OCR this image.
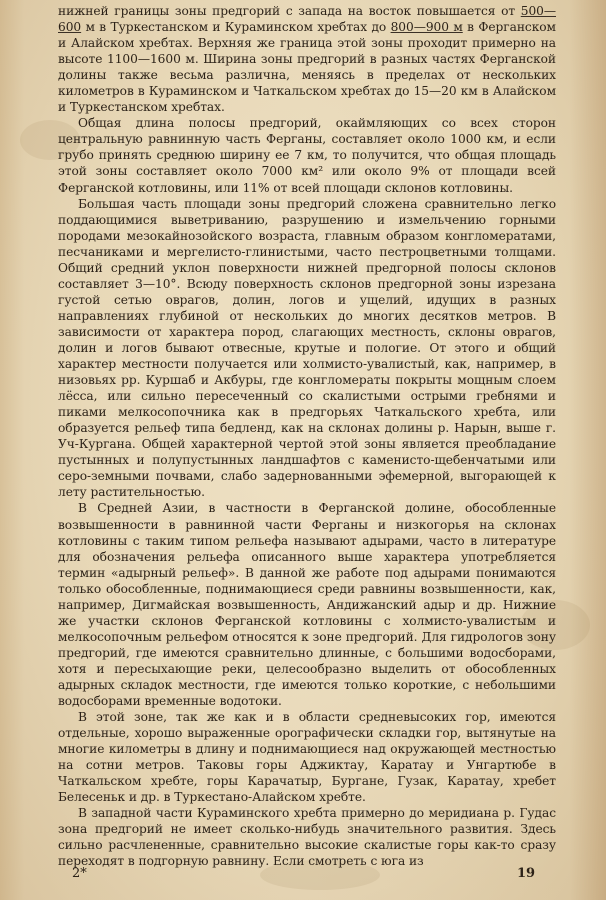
нижней границы зоны предгорий с запада на восток повышается от 500—600 м в Туркестанском и Кураминском хребтах до 800—900 м в Ферганском и Алайском хребтах. Верхняя же граница этой зоны проходит примерно на высоте 1100—1600 м. Ширина зоны предгорий в разных частях Ферганской долины также весьма различна, меняясь в пределах от нескольких километров в Кураминском и Чаткальском хребтах до 15—20 км в Алайском и Туркестанском хребтах.

Общая длина полосы предгорий, окаймляющих со всех сторон центральную равнинную часть Ферганы, составляет около 1000 км, и если грубо принять среднюю ширину ее 7 км, то получится, что общая площадь этой зоны составляет около 7000 км² или около 9% от площади всей Ферганской котловины, или 11% от всей площади склонов котловины.

Большая часть площади зоны предгорий сложена сравнительно легко поддающимися выветриванию, разрушению и измельчению горными породами мезокайнозойского возраста, главным образом конгломератами, песчаниками и мергелисто-глинистыми, часто пестроцветными толщами. Общий средний уклон поверхности нижней предгорной полосы склонов составляет 3—10°. Всюду поверхность склонов предгорной зоны изрезана густой сетью оврагов, долин, логов и ущелий, идущих в разных направлениях глубиной от нескольких до многих десятков метров. В зависимости от характера пород, слагающих местность, склоны оврагов, долин и логов бывают отвесные, крутые и пологие. От этого и общий характер местности получается или холмисто-увалистый, как, например, в низовьях рр. Куршаб и Акбуры, где конгломераты покрыты мощным слоем лёсса, или сильно пересеченный со скалистыми острыми гребнями и пиками мелкосопочника как в предгорьях Чаткальского хребта, или образуется рельеф типа бедленд, как на склонах долины р. Нарын, выше г. Уч-Кургана. Общей характерной чертой этой зоны является преобладание пустынных и полупустынных ландшафтов с каменисто-щебенчатыми или серо-земными почвами, слабо задернованными эфемерной, выгорающей к лету растительностью.

В Средней Азии, в частности в Ферганской долине, обособленные возвышенности в равнинной части Ферганы и низкогорья на склонах котловины с таким типом рельефа называют адырами, часто в литературе для обозначения рельефа описанного выше характера употребляется термин «адырный рельеф». В данной же работе под адырами понимаются только обособленные, поднимающиеся среди равнины возвышенности, как, например, Дигмайская возвышенность, Андижанский адыр и др. Нижние же участки склонов Ферганской котловины с холмисто-увалистым и мелкосопочным рельефом относятся к зоне предгорий. Для гидрологов зону предгорий, где имеются сравнительно длинные, с большими водосборами, хотя и пересыхающие реки, целесообразно выделить от обособленных адырных складок местности, где имеются только короткие, с небольшими водосборами временные водотоки.

В этой зоне, так же как и в области средневысоких гор, имеются отдельные, хорошо выраженные орографически складки гор, вытянутые на многие километры в длину и поднимающиеся над окружающей местностью на сотни метров. Таковы горы Аджиктау, Каратау и Унгартюбе в Чаткальском хребте, горы Карачатыр, Бургане, Гузак, Каратау, хребет Белесеньк и др. в Туркестано-Алайском хребте.

В западной части Кураминского хребта примерно до меридиана р. Гудас зона предгорий не имеет сколько-нибудь значительного развития. Здесь сильно расчлененные, сравнительно высокие скалистые горы как-то сразу переходят в подгорную равнину. Если смотреть с юга из

2*	19
